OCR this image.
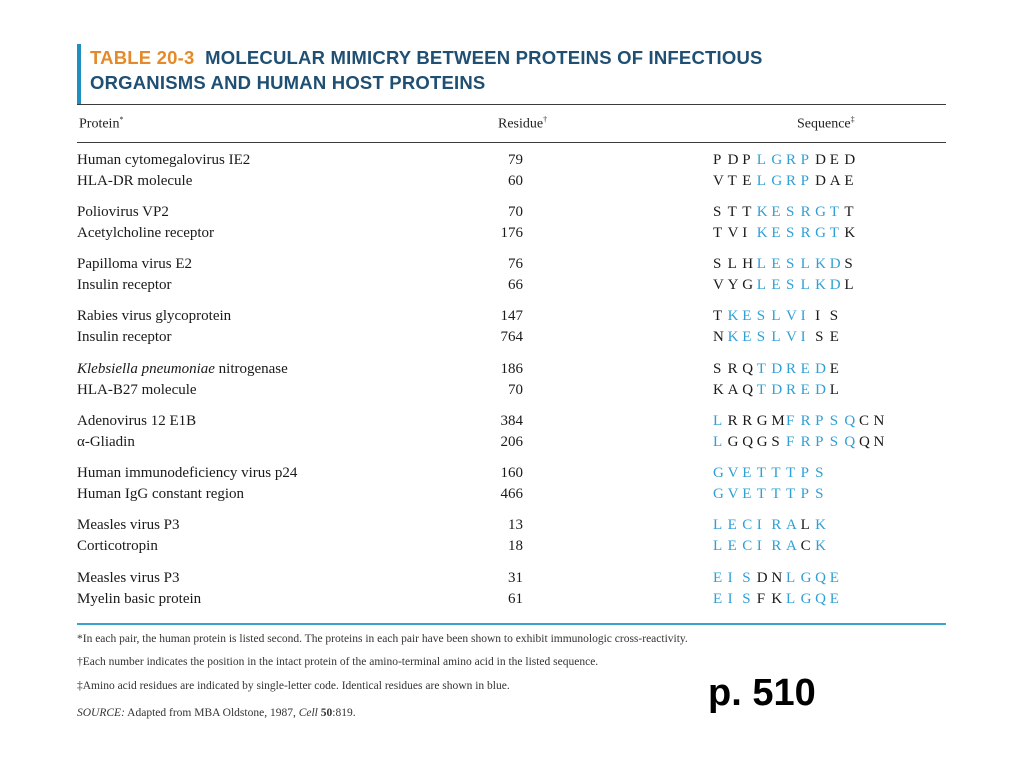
TABLE 20-3 MOLECULAR MIMICRY BETWEEN PROTEINS OF INFECTIOUS
ORGANISMS AND HUMAN HOST PROTEINS
Protein*	Residue†	Sequence‡
Human cytomegalovirus IE2	79	P D P L G R P D E D
HLA-DR molecule	60	V T E L G R P D A E
Poliovirus VP2	70	S T T K E S R G T T
Acetylcholine receptor	176	T V I K E S R G T K
Papilloma virus E2	76	S L H L E S L K D S
Insulin receptor	66	V Y G L E S L K D L
Rabies virus glycoprotein	147	T K E S L V I I S
Insulin receptor	764	N K E S L V I S E
Klebsiella pneumoniae nitrogenase	186	S R Q T D R E D E
HLA-B27 molecule	70	K A Q T D R E D L
Adenovirus 12 E1B	384	L R R G MF R P S Q C N
α-Gliadin	206	L G Q G S F R P S Q Q N
Human immunodeficiency virus p24	160	G V E T T T P S
Human IgG constant region	466	G V E T T T P S
Measles virus P3	13	L E C I R A L K
Corticotropin	18	L E C I R A C K
Measles virus P3	31	E I S D N L G Q E
Myelin basic protein	61	E I S F K L G Q E
*In each pair, the human protein is listed second. The proteins in each pair have been shown to exhibit immunologic cross-reactivity.
†Each number indicates the position in the intact protein of the amino-terminal amino acid in the listed sequence.
‡Amino acid residues are indicated by single-letter code. Identical residues are shown in blue.
SOURCE: Adapted from MBA Oldstone, 1987, Cell 50:819.	p. 510
